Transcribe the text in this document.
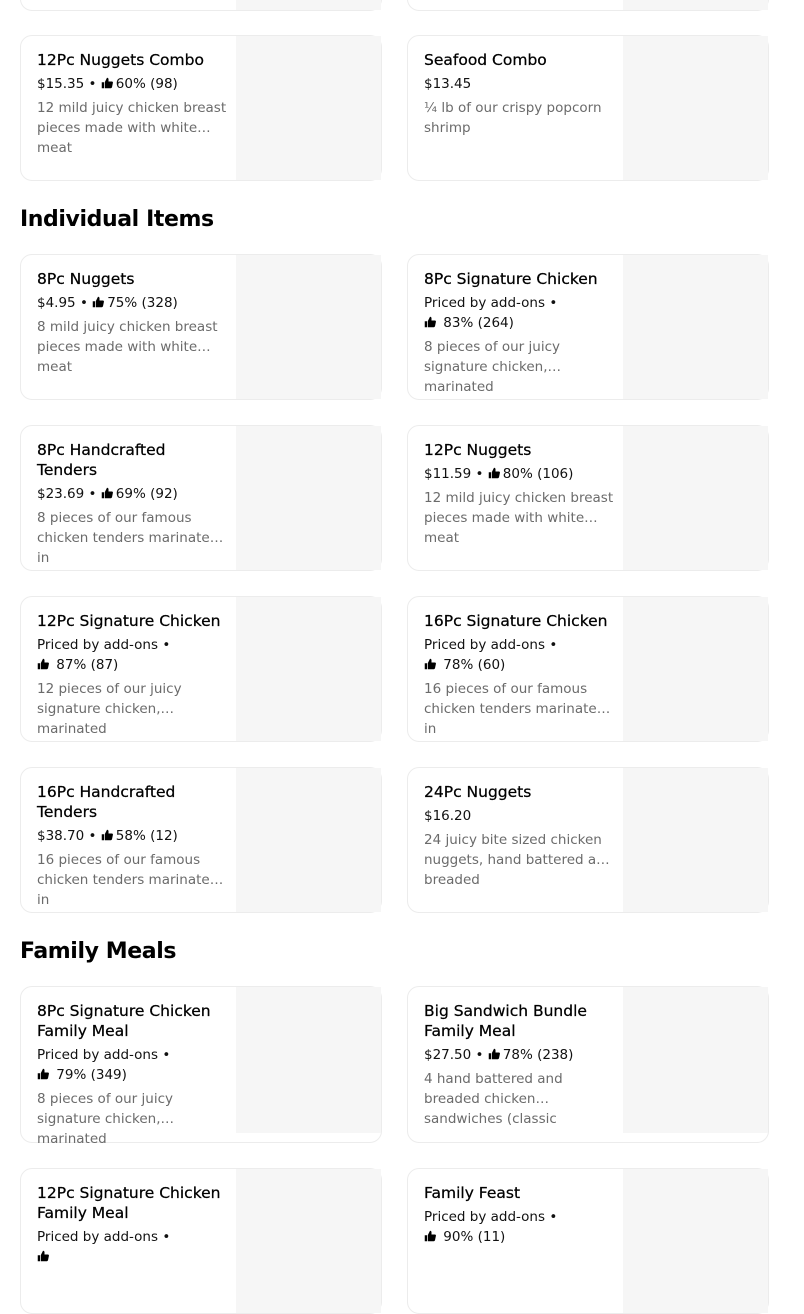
12Pc Nuggets Combo
$15.35 •
60% (98)
12 mild juicy chicken breast pieces made with white meat
Seafood Combo
$13.45
¼ lb of our crispy popcorn shrimp
Individual Items
8Pc Nuggets
$4.95 •
75% (328)
8 mild juicy chicken breast pieces made with white meat
8Pc Signature Chicken
Priced by add-ons •
83% (264)
8 pieces of our juicy signature chicken, marinated
8Pc Handcrafted Tenders
$23.69 •
69% (92)
8 pieces of our famous chicken tenders marinated in
12Pc Nuggets
$11.59 •
80% (106)
12 mild juicy chicken breast pieces made with white meat
12Pc Signature Chicken
Priced by add-ons •
87% (87)
12 pieces of our juicy signature chicken, marinated
16Pc Signature Chicken
Priced by add-ons •
78% (60)
16 pieces of our famous chicken tenders marinated in
16Pc Handcrafted Tenders
$38.70 •
58% (12)
16 pieces of our famous chicken tenders marinated in
24Pc Nuggets
$16.20
24 juicy bite sized chicken nuggets, hand battered and breaded
Family Meals
8Pc Signature Chicken Family Meal
Priced by add-ons •
79% (349)
8 pieces of our juicy signature chicken, marinated
Big Sandwich Bundle Family Meal
$27.50 •
78% (238)
4 hand battered and breaded chicken sandwiches (classic
12Pc Signature Chicken Family Meal
Priced by add-ons •
Family Feast
Priced by add-ons •
90% (11)
